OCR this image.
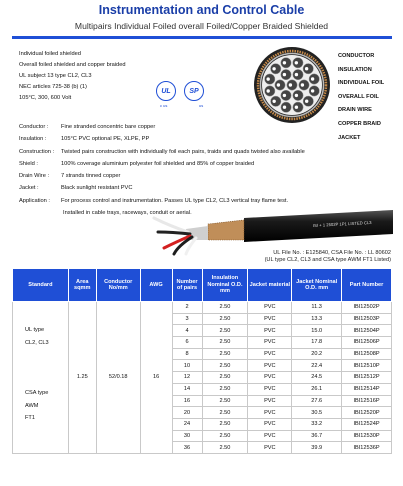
Instrumentation and Control Cable
Multipairs Individual Foiled overall Foiled/Copper Braided Shielded
Individual foiled shielded
Overall foiled shielded and copper braided
UL subject 13 type CL2, CL3
NEC articles 725-38 (b) (1)
105°C, 300, 600 Volt
UL	SP
c us	us
CONDUCTOR
INSULATION
INDIVIDUAL FOIL
OVERALL FOIL
DRAIN WIRE
COPPER BRAID
JACKET
Conductor : Fine stranded concentric bare copper
Insulation :	105°C PVC optional PE, XLPE, PP
Construction : Twisted pairs construction with individually foil each pairs, traids and quads twisted also available
Shield :	100% coverage aluminium polyester foil shielded and 85% of copper braided
Drain Wire : 7 strands tinned copper
Jacket :	Black sunlight resistant PVC
Application : For process control and instrumentation. Passes UL type CL2, CL3 vertical tray flame test.
Installed in cable trays, raceways, conduit or aerial.
ISI + 1 2502P 1P1 LISTED CL3
UL File No. : E125840, CSA File No. : LL 80602
(UL type CL2, CL3 and CSA type AWM FT1 Listed)
Standard	Area sqmm	Conductor No/mm	AWG	Number of pairs	Insulation Nominal O.D. mm	Jacket material	Jacket Nominal O.D. mm	Part Number

UL type
CL2, CL3
CSA type
AWM
FT1	1.25	52/0.18	16	2	2.50	PVC	11.3	IBI12502P
				3	2.50	PVC	13.3	IBI12503P
				4	2.50	PVC	15.0	IBI12504P
				6	2.50	PVC	17.8	IBI12506P
				8	2.50	PVC	20.2	IBI12508P
				10	2.50	PVC	22.4	IBI12510P
				12	2.50	PVC	24.5	IBI12512P
				14	2.50	PVC	26.1	IBI12514P
				16	2.50	PVC	27.6	IBI12516P
				20	2.50	PVC	30.5	IBI12520P
				24	2.50	PVC	33.2	IBI12524P
				30	2.50	PVC	36.7	IBI12530P
				36	2.50	PVC	39.9	IBI12536P
